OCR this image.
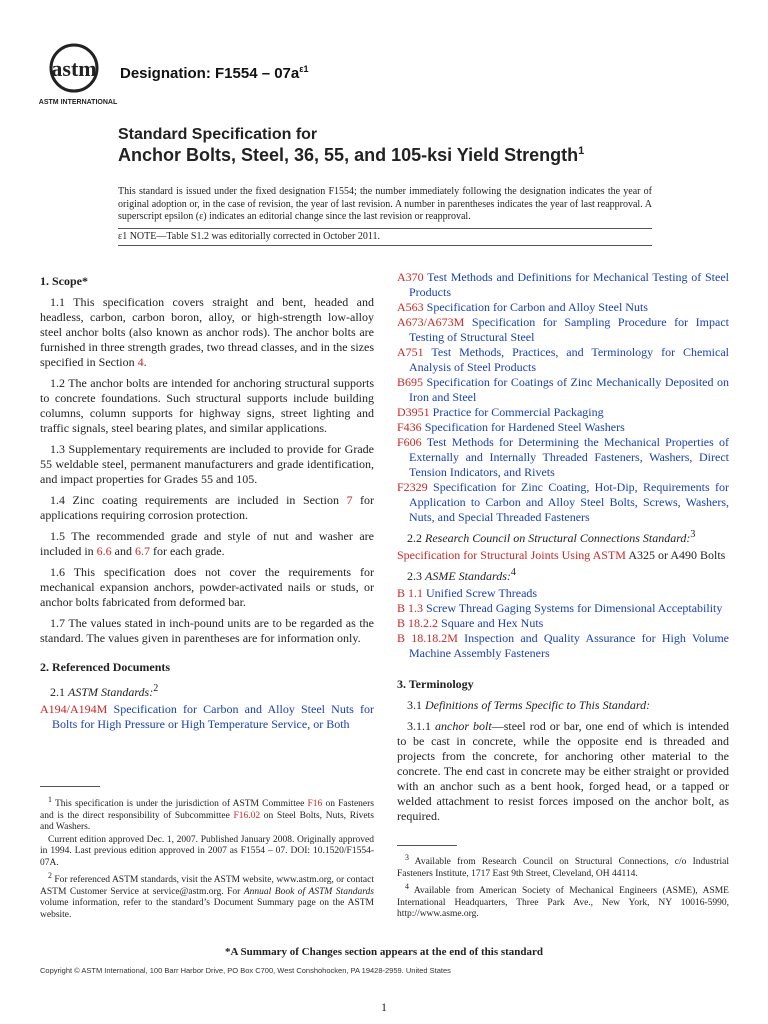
astm
ASTM INTERNATIONAL
Designation: $F1554 - 07a^{\varepsilon 1}$
Standard Specification for
Anchor Bolts, Steel, 36, 55, and 105-ksi Yield Strength$^1$
This standard is issued under the fixed designation F1554; the number immediately following the designation indicates the year of original adoption or, in the case of revision, the year of last revision. A number in parentheses indicates the year of last reapproval. A superscript epsilon (ε) indicates an editorial change since the last revision or reapproval.
ε1 NOTE—Table S1.2 was editorially corrected in October 2011.
1. Scope*

1.1 This specification covers straight and bent, headed and headless, carbon, carbon boron, alloy, or high-strength low-alloy steel anchor bolts (also known as anchor rods). The anchor bolts are furnished in three strength grades, two thread classes, and in the sizes specified in Section 4.

1.2 The anchor bolts are intended for anchoring structural supports to concrete foundations. Such structural supports include building columns, column supports for highway signs, street lighting and traffic signals, steel bearing plates, and similar applications.

1.3 Supplementary requirements are included to provide for Grade 55 weldable steel, permanent manufacturers and grade identification, and impact properties for Grades 55 and 105.

1.4 Zinc coating requirements are included in Section 7 for applications requiring corrosion protection.

1.5 The recommended grade and style of nut and washer are included in 6.6 and 6.7 for each grade.

1.6 This specification does not cover the requirements for mechanical expansion anchors, powder-activated nails or studs, or anchor bolts fabricated from deformed bar.

1.7 The values stated in inch-pound units are to be regarded as the standard. The values given in parentheses are for information only.

2. Referenced Documents

2.1 ASTM Standards:$^2$

A194/A194M Specification for Carbon and Alloy Steel Nuts for Bolts for High Pressure or High Temperature Service, or Both

$^1$ This specification is under the jurisdiction of ASTM Committee F16 on Fasteners and is the direct responsibility of Subcommittee F16.02 on Steel Bolts, Nuts, Rivets and Washers.

Current edition approved Dec. 1, 2007. Published January 2008. Originally approved in 1994. Last previous edition approved in 2007 as F1554 – 07. DOI: 10.1520/F1554-07A.

$^2$ For referenced ASTM standards, visit the ASTM website, www.astm.org, or contact ASTM Customer Service at service@astm.org. For Annual Book of ASTM Standards volume information, refer to the standard’s Document Summary page on the ASTM website.

A370 Test Methods and Definitions for Mechanical Testing of Steel Products

A563 Specification for Carbon and Alloy Steel Nuts

A673/A673M Specification for Sampling Procedure for Impact Testing of Structural Steel

A751 Test Methods, Practices, and Terminology for Chemical Analysis of Steel Products

B695 Specification for Coatings of Zinc Mechanically Deposited on Iron and Steel

D3951 Practice for Commercial Packaging

F436 Specification for Hardened Steel Washers

F606 Test Methods for Determining the Mechanical Properties of Externally and Internally Threaded Fasteners, Washers, Direct Tension Indicators, and Rivets

F2329 Specification for Zinc Coating, Hot-Dip, Requirements for Application to Carbon and Alloy Steel Bolts, Screws, Washers, Nuts, and Special Threaded Fasteners

2.2 Research Council on Structural Connections Standard:$^3$

Specification for Structural Joints Using ASTM A325 or A490 Bolts

2.3 ASME Standards:$^4$

B 1.1 Unified Screw Threads

B 1.3 Screw Thread Gaging Systems for Dimensional Acceptability

B 18.2.2 Square and Hex Nuts

B 18.18.2M Inspection and Quality Assurance for High Volume Machine Assembly Fasteners

3. Terminology

3.1 Definitions of Terms Specific to This Standard:

3.1.1 anchor bolt—steel rod or bar, one end of which is intended to be cast in concrete, while the opposite end is threaded and projects from the concrete, for anchoring other material to the concrete. The end cast in concrete may be either straight or provided with an anchor such as a bent hook, forged head, or a tapped or welded attachment to resist forces imposed on the anchor bolt, as required.

$^3$ Available from Research Council on Structural Connections, c/o Industrial Fasteners Institute, 1717 East 9th Street, Cleveland, OH 44114.

$^4$ Available from American Society of Mechanical Engineers (ASME), ASME International Headquarters, Three Park Ave., New York, NY 10016-5990, http://www.asme.org.

*A Summary of Changes section appears at the end of this standard
Copyright © ASTM International, 100 Barr Harbor Drive, PO Box C700, West Conshohocken, PA 19428-2959. United States
1
